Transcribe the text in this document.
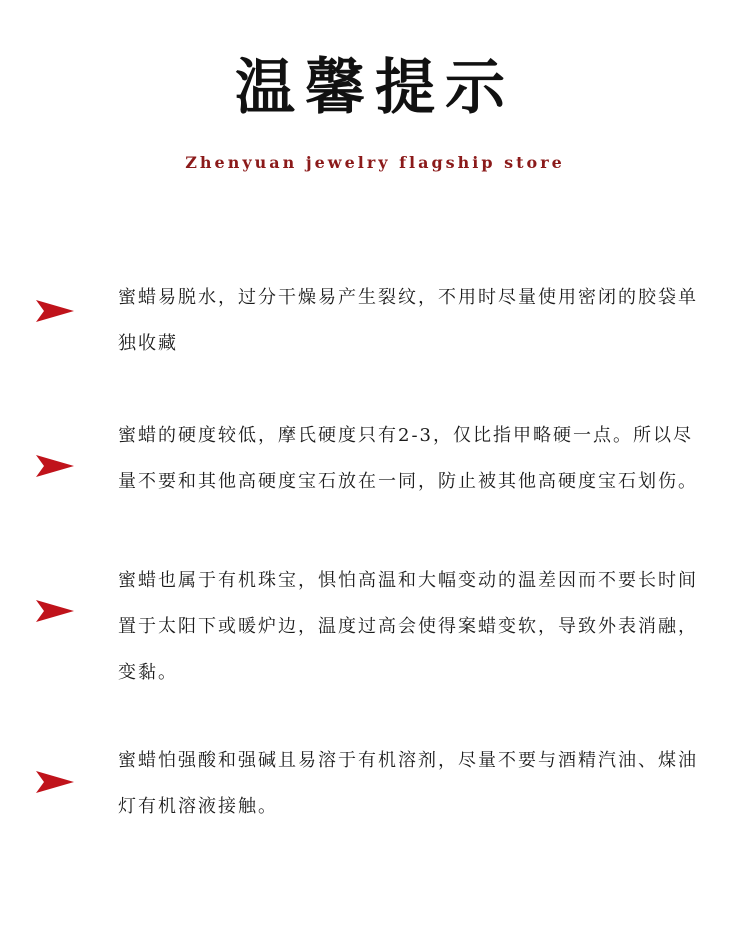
温馨提示
Zhenyuan jewelry flagship store

蜜蜡易脱水，过分干燥易产生裂纹，不用时尽量使用密闭的胶袋单独收藏

蜜蜡的硬度较低，摩氏硬度只有2-3，仅比指甲略硬一点。所以尽量不要和其他高硬度宝石放在一同，防止被其他高硬度宝石划伤。

蜜蜡也属于有机珠宝，惧怕高温和大幅变动的温差因而不要长时间置于太阳下或暖炉边，温度过高会使得案蜡变软，导致外表消融，变黏。

蜜蜡怕强酸和强碱且易溶于有机溶剂，尽量不要与酒精汽油、煤油灯有机溶液接触。
